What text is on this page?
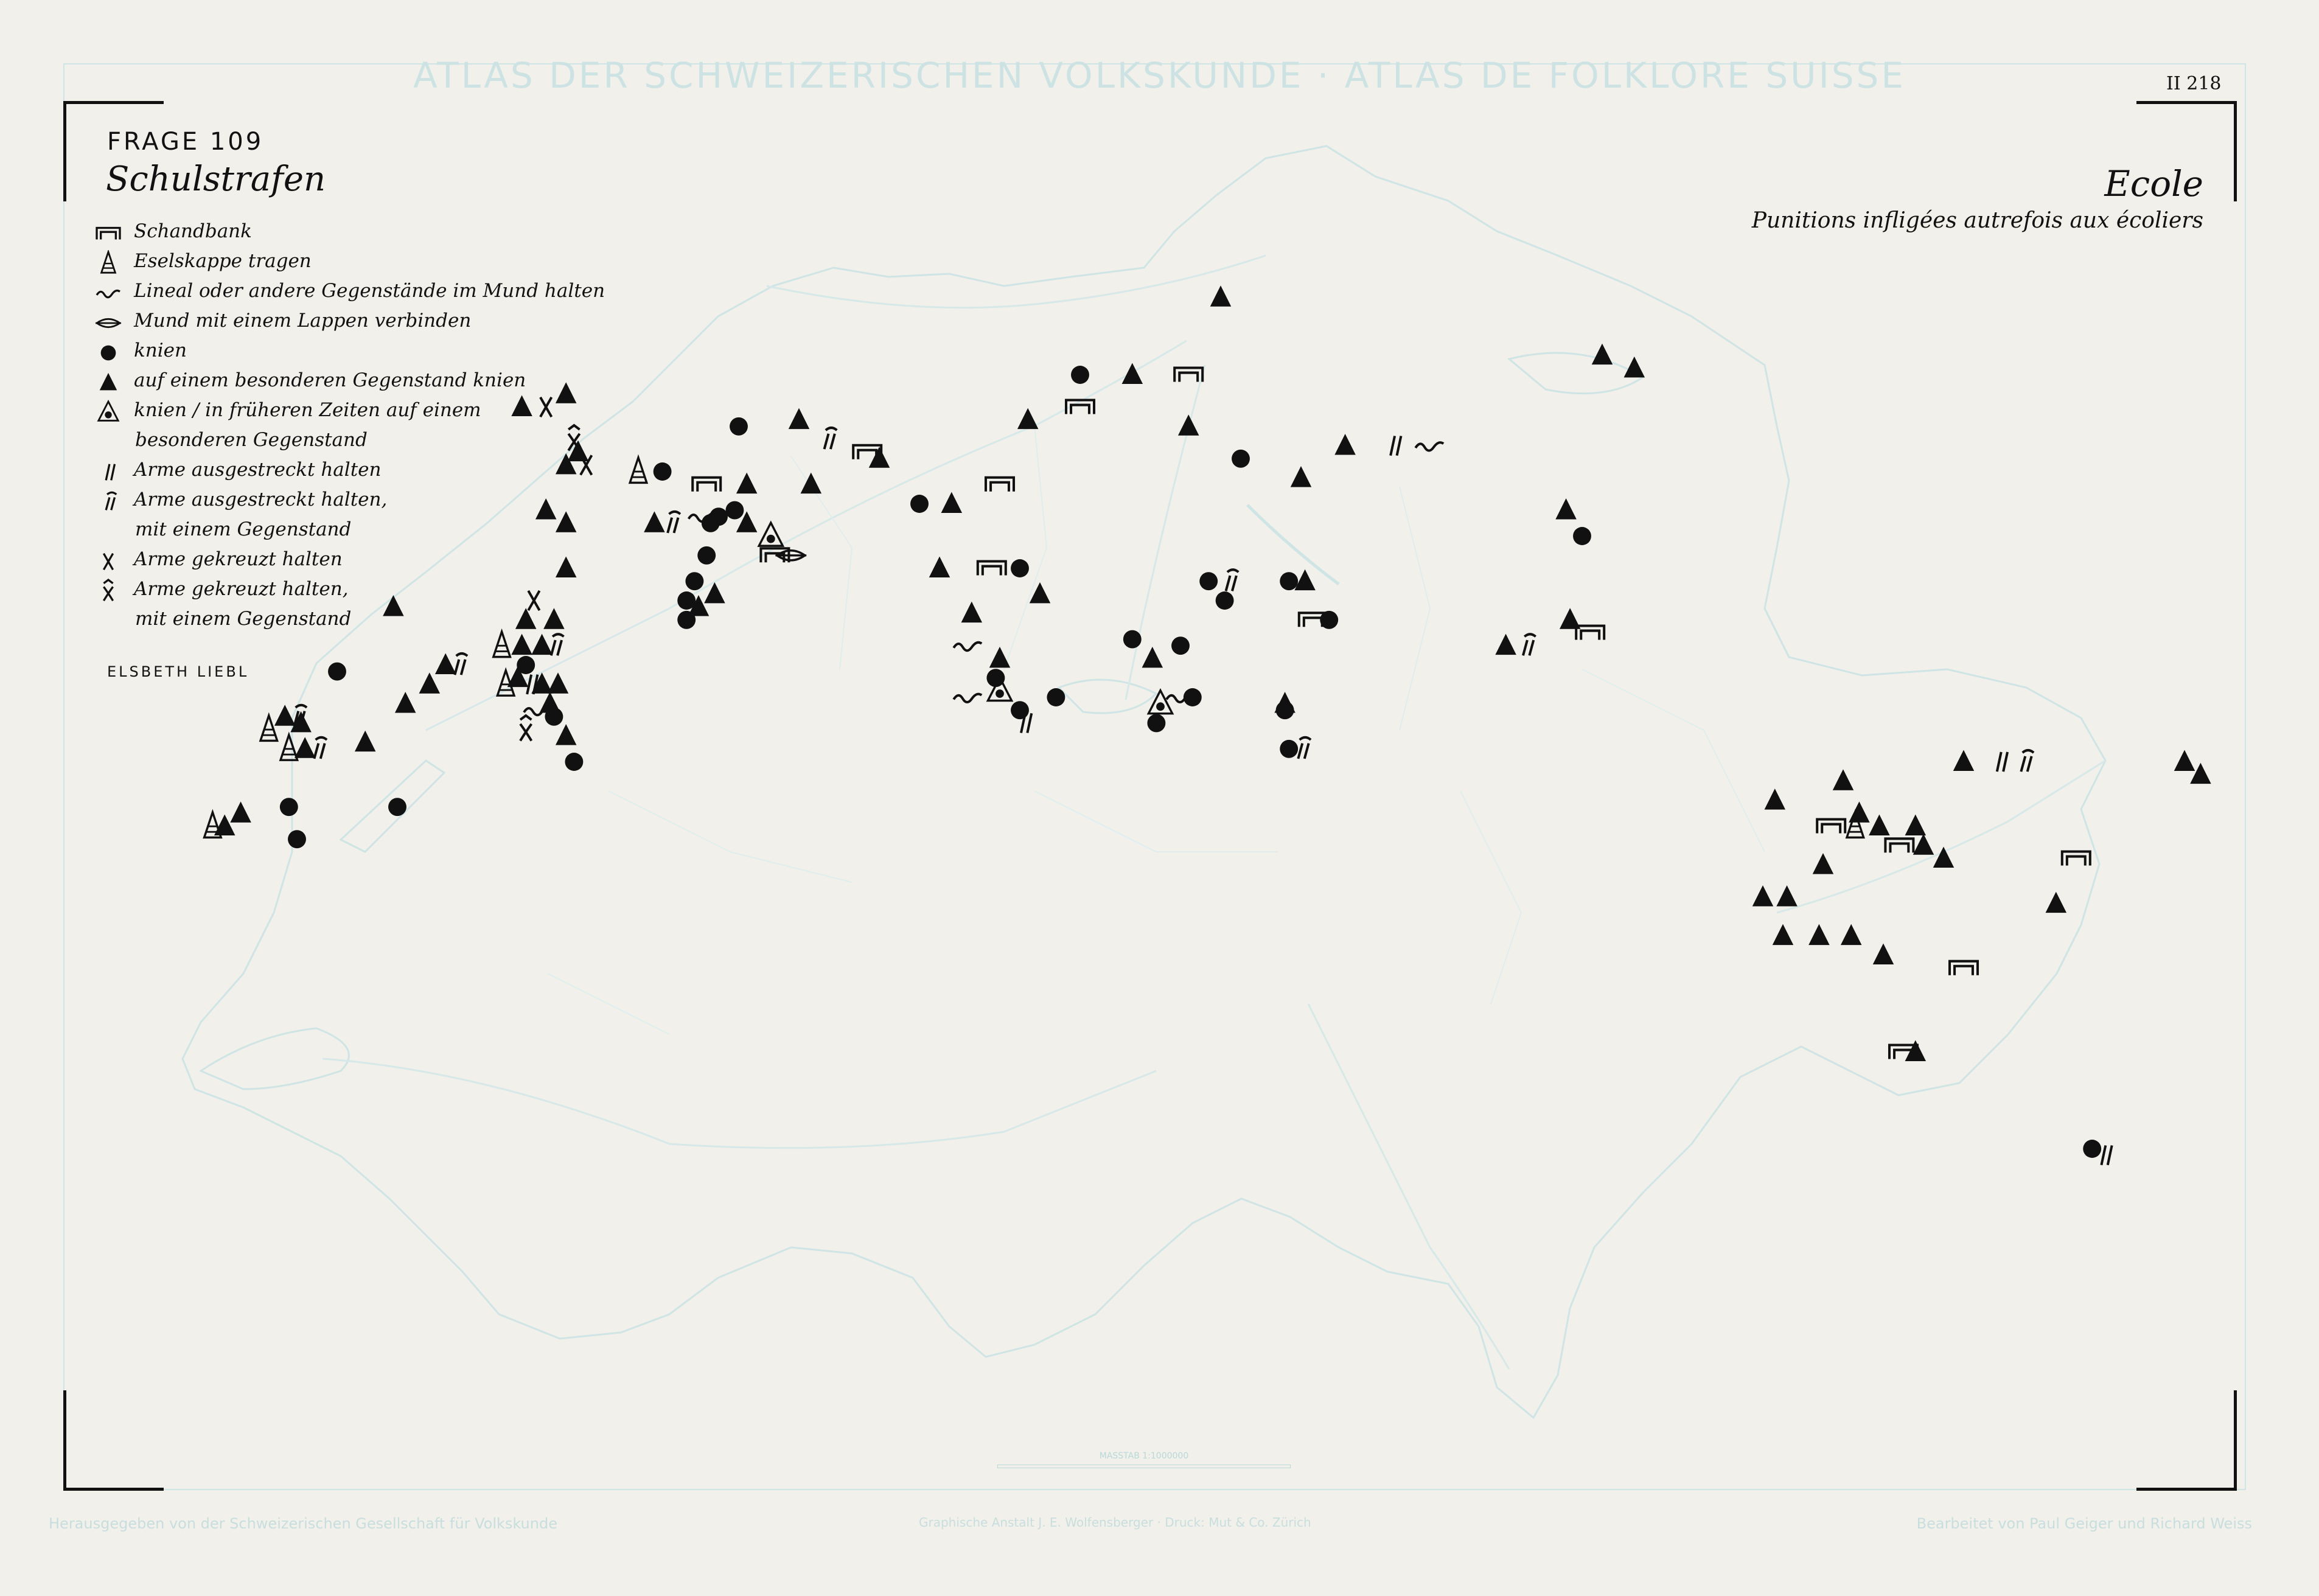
ATLAS DER SCHWEIZERISCHEN VOLKSKUNDE · ATLAS DE FOLKLORE SUISSE	II 218
FRAGE 109
Schulstrafen	Ecole
Punitions infligées autrefois aux écoliers
Schandbank
Eselskappe tragen
Lineal oder andere Gegenstände im Mund halten
Mund mit einem Lappen verbinden
knien
auf einem besonderen Gegenstand knien
knien / in früheren Zeiten auf einem
besonderen Gegenstand
Arme ausgestreckt halten
Arme ausgestreckt halten,
mit einem Gegenstand
Arme gekreuzt halten
Arme gekreuzt halten,
mit einem Gegenstand
ELSBETH LIEBL
MASSTAB 1:1000000
Herausgegeben von der Schweizerischen Gesellschaft für Volkskunde	Graphische Anstalt J. E. Wolfensberger · Druck: Mut & Co. Zürich	Bearbeitet von Paul Geiger und Richard Weiss
